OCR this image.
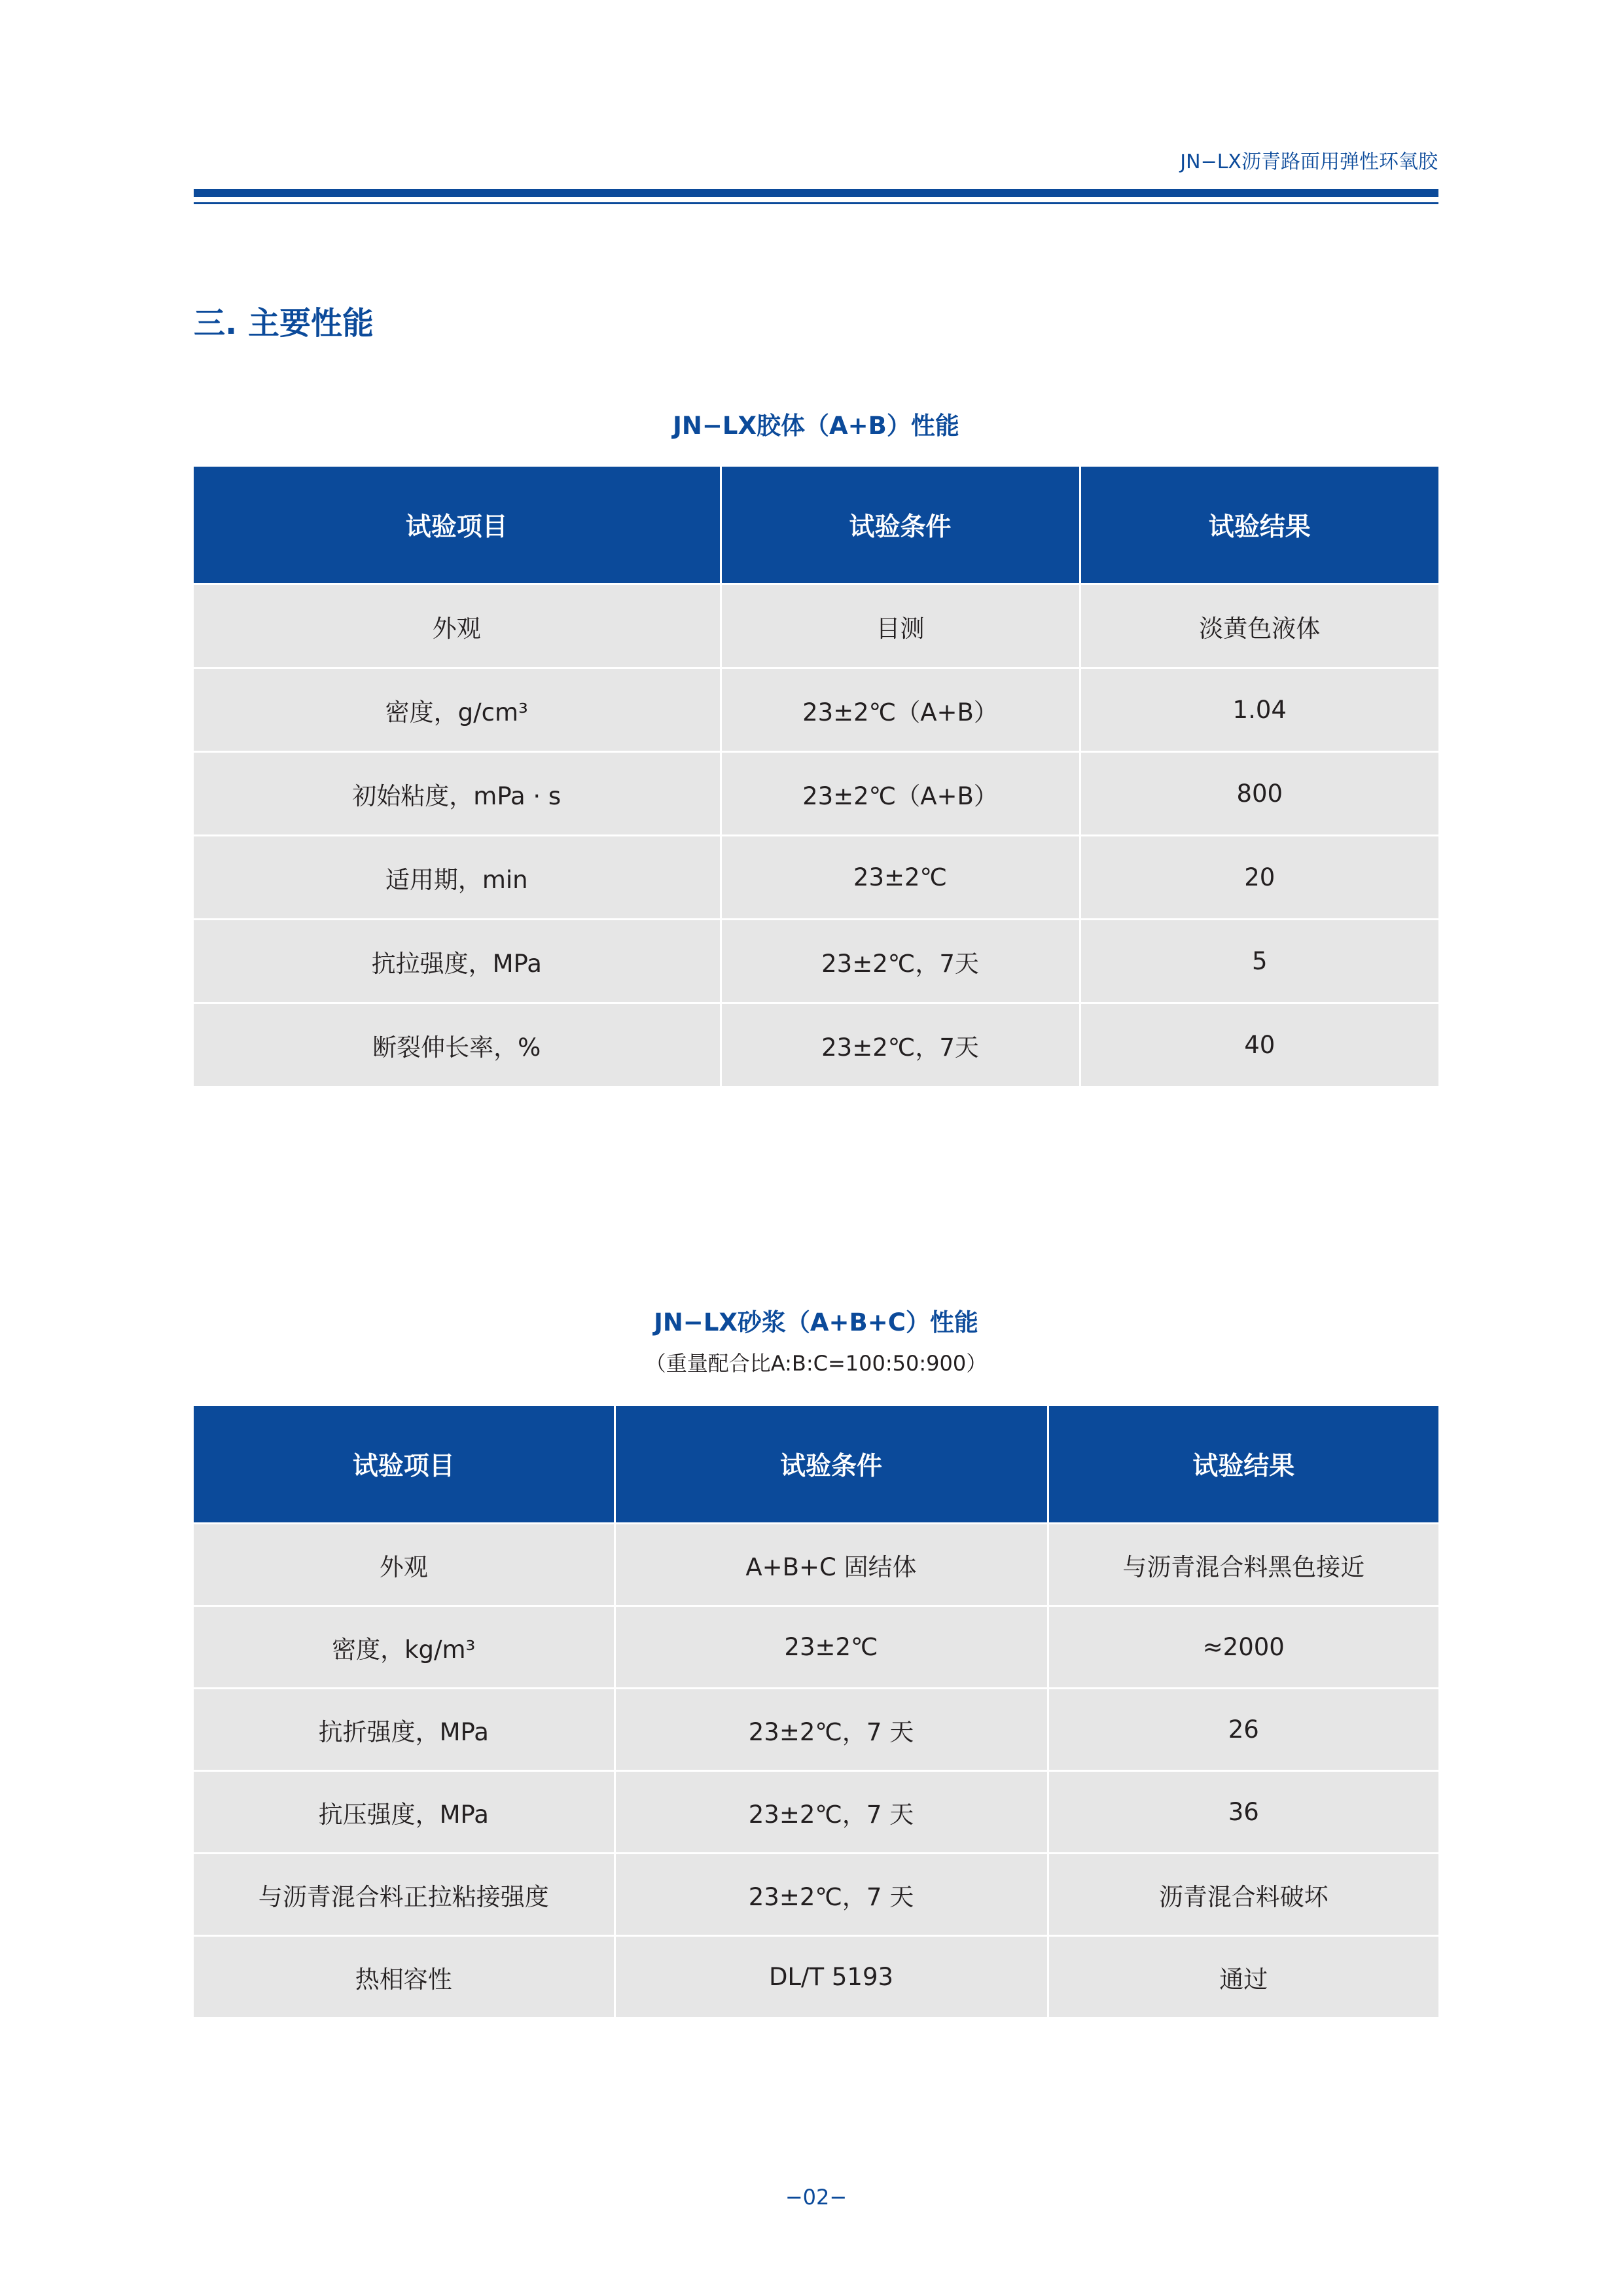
JN−LX沥青路面用弹性环氧胶
三. 主要性能
JN−LX胶体（A+B）性能
试验项目	试验条件	试验结果
外观	目测	淡黄色液体
密度，g/cm³	23±2℃（A+B）	1.04
初始粘度，mPa · s	23±2℃（A+B）	800
适用期，min	23±2℃	20
抗拉强度，MPa	23±2℃，7天	5
断裂伸长率，%	23±2℃，7天	40
JN−LX砂浆（A+B+C）性能
（重量配合比A:B:C=100:50:900）
试验项目	试验条件	试验结果
外观	A+B+C 固结体	与沥青混合料黑色接近
密度，kg/m³	23±2℃	≈2000
抗折强度，MPa	23±2℃，7 天	26
抗压强度，MPa	23±2℃，7 天	36
与沥青混合料正拉粘接强度	23±2℃，7 天	沥青混合料破坏
热相容性	DL/T 5193	通过
−02−
